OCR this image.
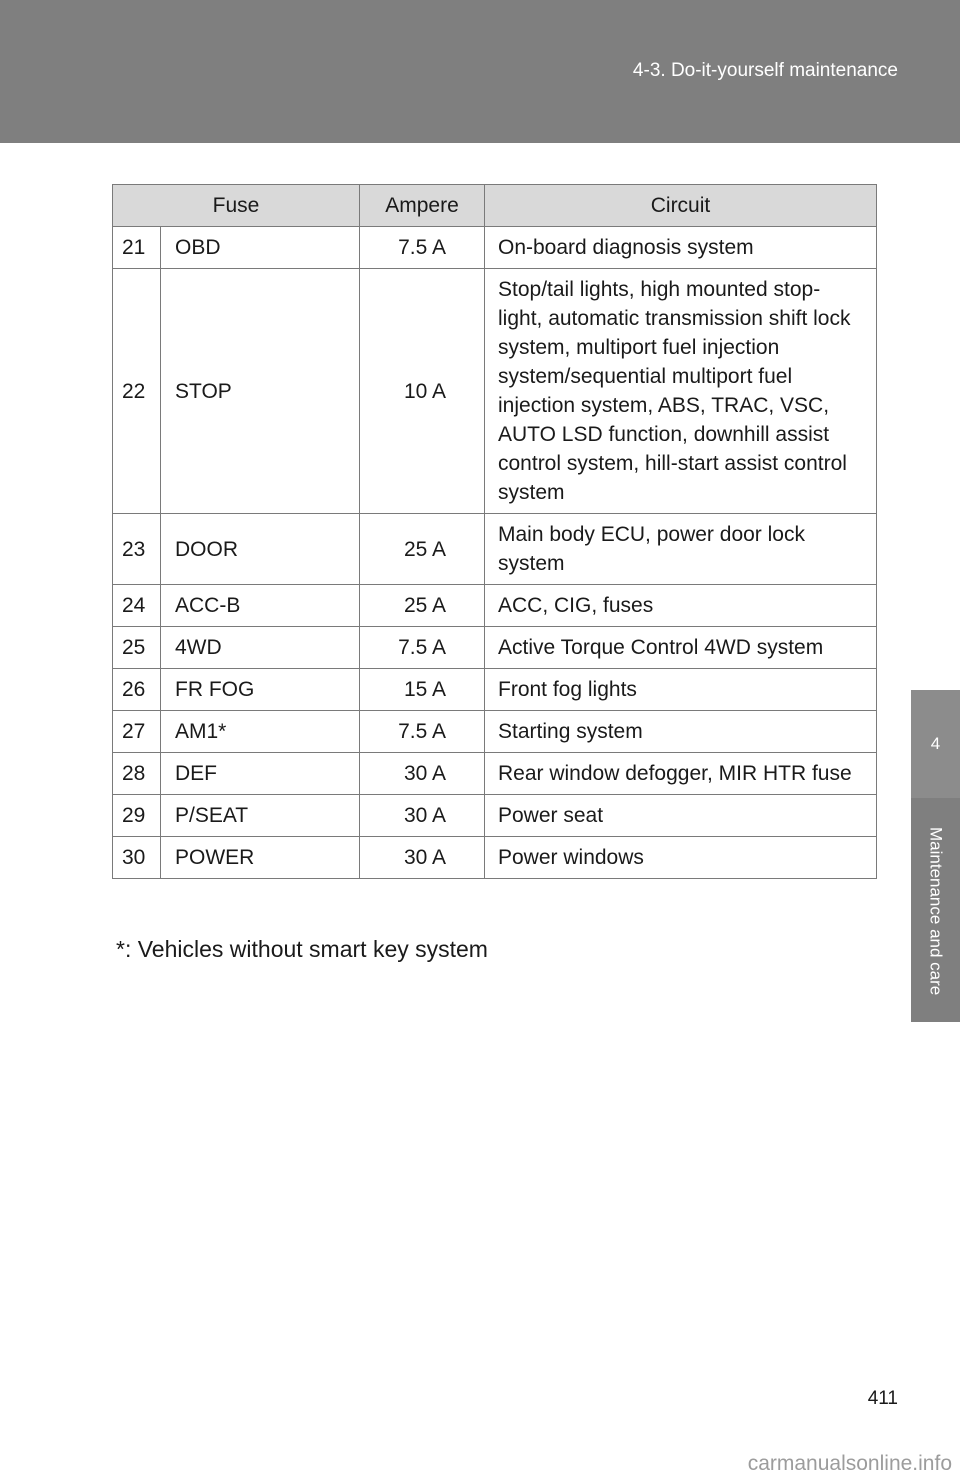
4-3. Do-it-yourself maintenance
4
Maintenance and care
Fuse		Ampere	Circuit
21	OBD	7.5 A	On-board diagnosis system
22	STOP	10 A	Stop/tail lights, high mounted stop-light, automatic transmission shift lock system, multiport fuel injection system/sequential multiport fuel injection system, ABS, TRAC, VSC, AUTO LSD function, downhill assist control system, hill-start assist control system
23	DOOR	25 A	Main body ECU, power door lock system
24	ACC-B	25 A	ACC, CIG, fuses
25	4WD	7.5 A	Active Torque Control 4WD system
26	FR FOG	15 A	Front fog lights
27	AM1*	7.5 A	Starting system
28	DEF	30 A	Rear window defogger, MIR HTR fuse
29	P/SEAT	30 A	Power seat
30	POWER	30 A	Power windows
*: Vehicles without smart key system
411
carmanualsonline.info
